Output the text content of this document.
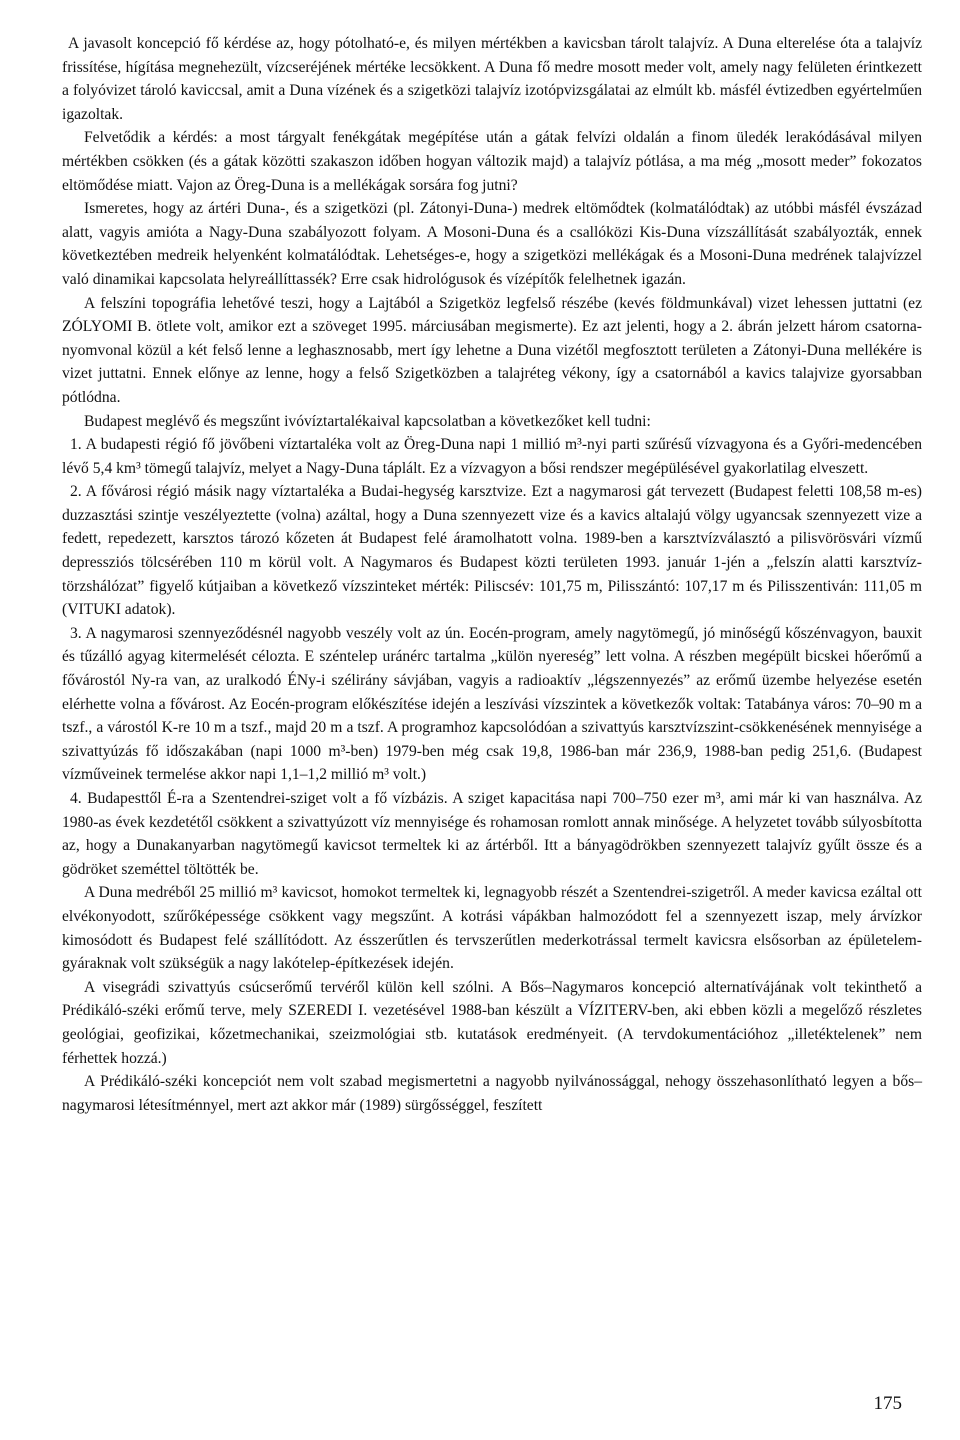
A javasolt koncepció fő kérdése az, hogy pótolható-e, és milyen mértékben a kavicsban tárolt talajvíz. A Duna elterelése óta a talajvíz frissítése, hígítása megnehezült, vízcseréjének mértéke lecsökkent. A Duna fő medre mosott meder volt, amely nagy felületen érintkezett a folyóvizet tároló kaviccsal, amit a Duna vízének és a szigetközi talajvíz izotópvizsgálatai az elmúlt kb. másfél évtizedben egyértelműen igazoltak.

Felvetődik a kérdés: a most tárgyalt fenékgátak megépítése után a gátak felvízi oldalán a finom üledék lerakódásával milyen mértékben csökken (és a gátak közötti szakaszon időben hogyan változik majd) a talajvíz pótlása, a ma még „mosott meder” fokozatos eltömődése miatt. Vajon az Öreg-Duna is a mellékágak sorsára fog jutni?

Ismeretes, hogy az ártéri Duna-, és a szigetközi (pl. Zátonyi-Duna-) medrek eltömődtek (kolmatálódtak) az utóbbi másfél évszázad alatt, vagyis amióta a Nagy-Duna szabályozott folyam. A Mosoni-Duna és a csallóközi Kis-Duna vízszállítását szabályozták, ennek következtében medreik helyenként kolmatálódtak. Lehetséges-e, hogy a szigetközi mellékágak és a Mosoni-Duna medrének talajvízzel való dinamikai kapcsolata helyreállíttassék? Erre csak hidrológusok és vízépítők felelhetnek igazán.

A felszíni topográfia lehetővé teszi, hogy a Lajtából a Szigetköz legfelső részébe (kevés földmunkával) vizet lehessen juttatni (ez ZÓLYOMI B. ötlete volt, amikor ezt a szöveget 1995. márciusában megismerte). Ez azt jelenti, hogy a 2. ábrán jelzett három csatorna-nyomvonal közül a két felső lenne a leghasznosabb, mert így lehetne a Duna vizétől megfosztott területen a Zátonyi-Duna mellékére is vizet juttatni. Ennek előnye az lenne, hogy a felső Szigetközben a talajréteg vékony, így a csatornából a kavics talajvize gyorsabban pótlódna.

Budapest meglévő és megszűnt ivóvíztartalékaival kapcsolatban a következőket kell tudni:

1. A budapesti régió fő jövőbeni víztartaléka volt az Öreg-Duna napi 1 millió m³-nyi parti szűrésű vízvagyona és a Győri-medencében lévő 5,4 km³ tömegű talajvíz, melyet a Nagy-Duna táplált. Ez a vízvagyon a bősi rendszer megépülésével gyakorlatilag elveszett.

2. A fővárosi régió másik nagy víztartaléka a Budai-hegység karsztvize. Ezt a nagymarosi gát tervezett (Budapest feletti 108,58 m-es) duzzasztási szintje veszélyeztette (volna) azáltal, hogy a Duna szennyezett vize és a kavics altalajú völgy ugyancsak szennyezett vize a fedett, repedezett, karsztos tározó kőzeten át Budapest felé áramolhatott volna. 1989-ben a karsztvízválasztó a pilisvörösvári vízmű depressziós tölcsérében 110 m körül volt. A Nagymaros és Budapest közti területen 1993. január 1-jén a „felszín alatti karsztvíz-törzshálózat” figyelő kútjaiban a következő vízszinteket mérték: Piliscsév: 101,75 m, Pilisszántó: 107,17 m és Pilisszentiván: 111,05 m (VITUKI adatok).

3. A nagymarosi szennyeződésnél nagyobb veszély volt az ún. Eocén-program, amely nagytömegű, jó minőségű kőszénvagyon, bauxit és tűzálló agyag kitermelését célozta. E széntelep uránérc tartalma „külön nyereség” lett volna. A részben megépült bicskei hőerőmű a fővárostól Ny-ra van, az uralkodó ÉNy-i szélirány sávjában, vagyis a radioaktív „légszennyezés” az erőmű üzembe helyezése esetén elérhette volna a fővárost. Az Eocén-program előkészítése idején a leszívási vízszintek a következők voltak: Tatabánya város: 70–90 m a tszf., a várostól K-re 10 m a tszf., majd 20 m a tszf. A programhoz kapcsolódóan a szivattyús karsztvízszint-csökkenésének mennyisége a szivattyúzás fő időszakában (napi 1000 m³-ben) 1979-ben még csak 19,8, 1986-ban már 236,9, 1988-ban pedig 251,6. (Budapest vízműveinek termelése akkor napi 1,1–1,2 millió m³ volt.)

4. Budapesttől É-ra a Szentendrei-sziget volt a fő vízbázis. A sziget kapacitása napi 700–750 ezer m³, ami már ki van használva. Az 1980-as évek kezdetétől csökkent a szivattyúzott víz mennyisége és rohamosan romlott annak minősége. A helyzetet tovább súlyosbította az, hogy a Dunakanyarban nagytömegű kavicsot termeltek ki az ártérből. Itt a bányagödrökben szennyezett talajvíz gyűlt össze és a gödröket szeméttel töltötték be.

A Duna medréből 25 millió m³ kavicsot, homokot termeltek ki, legnagyobb részét a Szentendrei-szigetről. A meder kavicsa ezáltal ott elvékonyodott, szűrőképessége csökkent vagy megszűnt. A kotrási vápákban halmozódott fel a szennyezett iszap, mely árvízkor kimosódott és Budapest felé szállítódott. Az ésszerűtlen és tervszerűtlen mederkotrással termelt kavicsra elsősorban az épületelem-gyáraknak volt szükségük a nagy lakótelep-építkezések idején.

A visegrádi szivattyús csúcserőmű tervéről külön kell szólni. A Bős–Nagymaros koncepció alternatívájának volt tekinthető a Prédikáló-széki erőmű terve, mely SZEREDI I. vezetésével 1988-ban készült a VÍZITERV-ben, aki ebben közli a megelőző részletes geológiai, geofizikai, kőzetmechanikai, szeizmológiai stb. kutatások eredményeit. (A tervdokumentációhoz „illetéktelenek” nem férhettek hozzá.)

A Prédikáló-széki koncepciót nem volt szabad megismertetni a nagyobb nyilvánossággal, nehogy összehasonlítható legyen a bős–nagymarosi létesítménnyel, mert azt akkor már (1989) sürgősséggel, feszített

175
